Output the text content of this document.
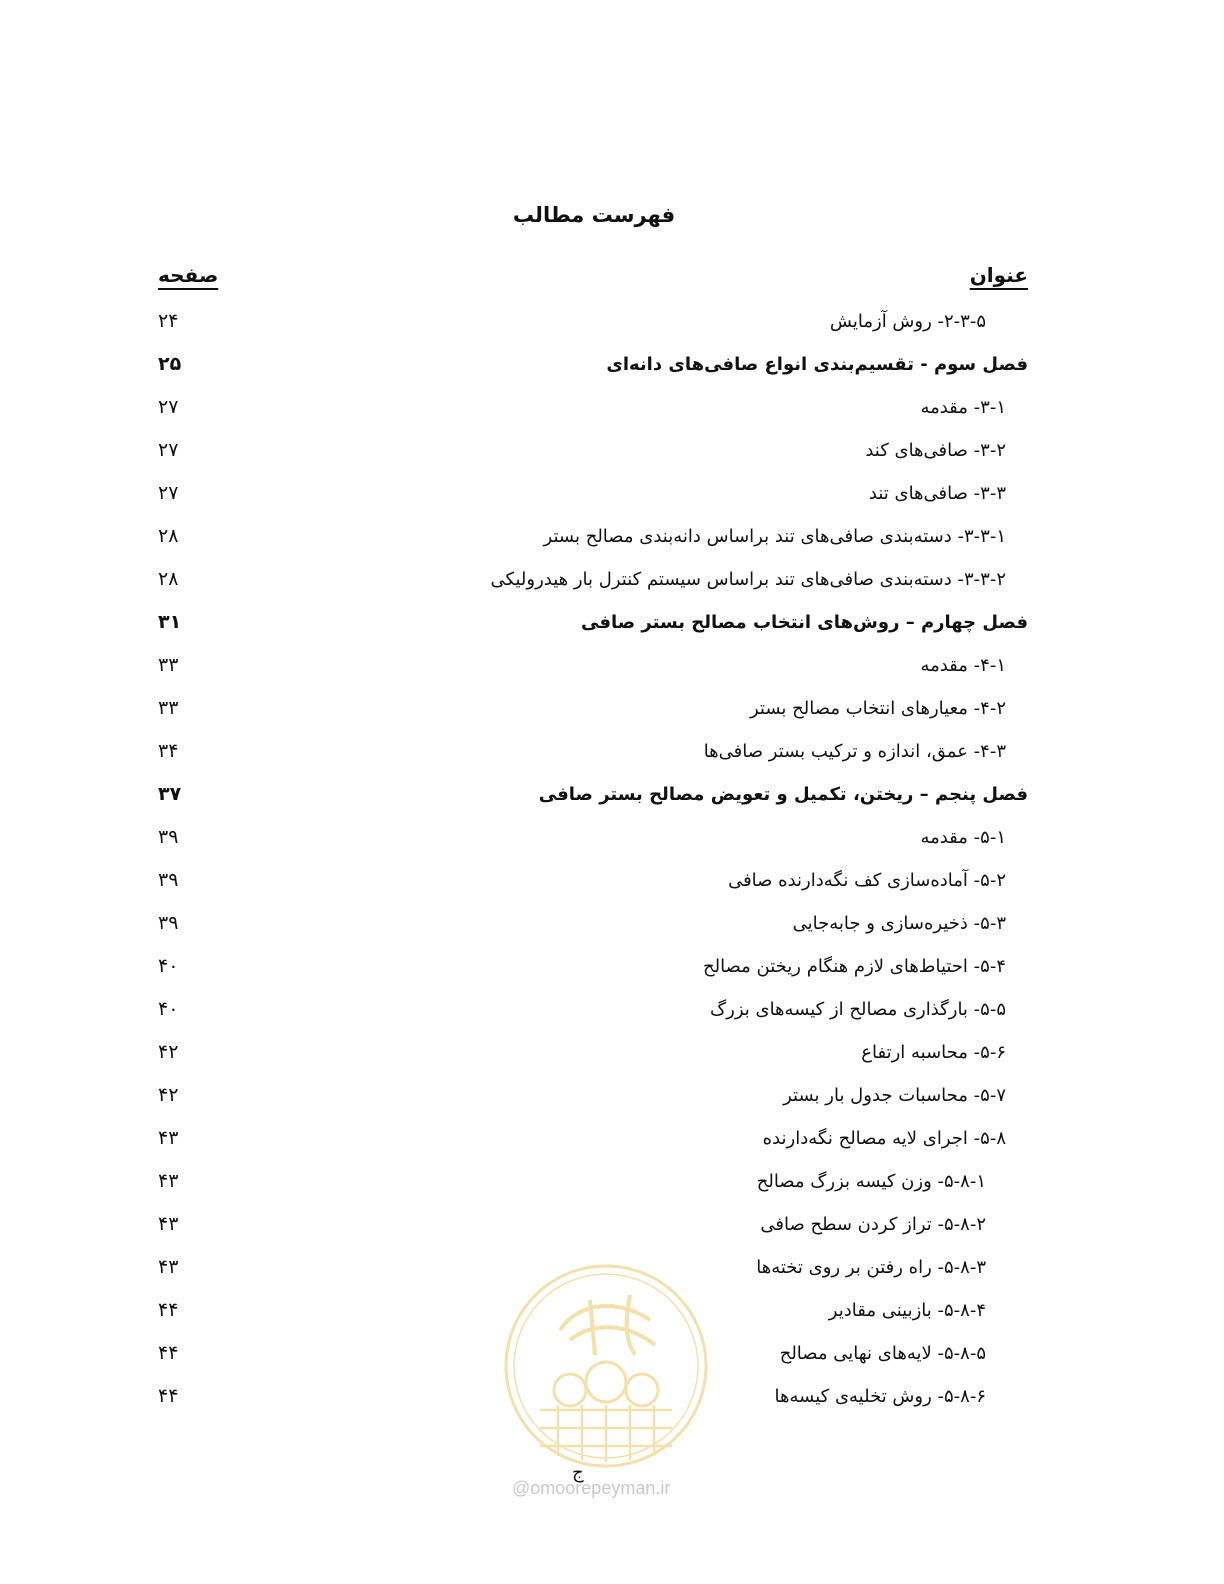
فهرست مطالب
عنوان
صفحه
۲-۳-۵- روش آزمایش
۲۴
فصل سوم - تقسیم‌بندی انواع صافی‌های دانه‌ای
۲۵
۳-۱- مقدمه
۲۷
۳-۲- صافی‌های کند
۲۷
۳-۳- صافی‌های تند
۲۷
۳-۳-۱- دسته‌بندی صافی‌های تند براساس دانه‌بندی مصالح بستر
۲۸
۳-۳-۲- دسته‌بندی صافی‌های تند براساس سیستم کنترل بار هیدرولیکی
۲۸
فصل چهارم – روش‌های انتخاب مصالح بستر صافی
۳۱
۴-۱- مقدمه
۳۳
۴-۲- معیارهای انتخاب مصالح بستر
۳۳
۴-۳- عمق، اندازه و ترکیب بستر صافی‌ها
۳۴
فصل پنجم – ریختن، تکمیل و تعویض مصالح بستر صافی
۳۷
۵-۱- مقدمه
۳۹
۵-۲- آماده‌سازی کف نگه‌دارنده صافی
۳۹
۵-۳- ذخیره‌سازی و جابه‌جایی
۳۹
۵-۴- احتیاط‌های لازم هنگام ریختن مصالح
۴۰
۵-۵- بارگذاری مصالح از کیسه‌های بزرگ
۴۰
۵-۶- محاسبه ارتفاع
۴۲
۵-۷- محاسبات جدول بار بستر
۴۲
۵-۸- اجرای لایه مصالح نگه‌دارنده
۴۳
۵-۸-۱- وزن کیسه بزرگ مصالح
۴۳
۵-۸-۲- تراز کردن سطح صافی
۴۳
۵-۸-۳- راه رفتن بر روی تخته‌ها
۴۳
۵-۸-۴- بازبینی مقادیر
۴۴
۵-۸-۵- لایه‌های نهایی مصالح
۴۴
۵-۸-۶- روش تخلیه‌ی کیسه‌ها
۴۴
@omoorepeyman.ir
ج
